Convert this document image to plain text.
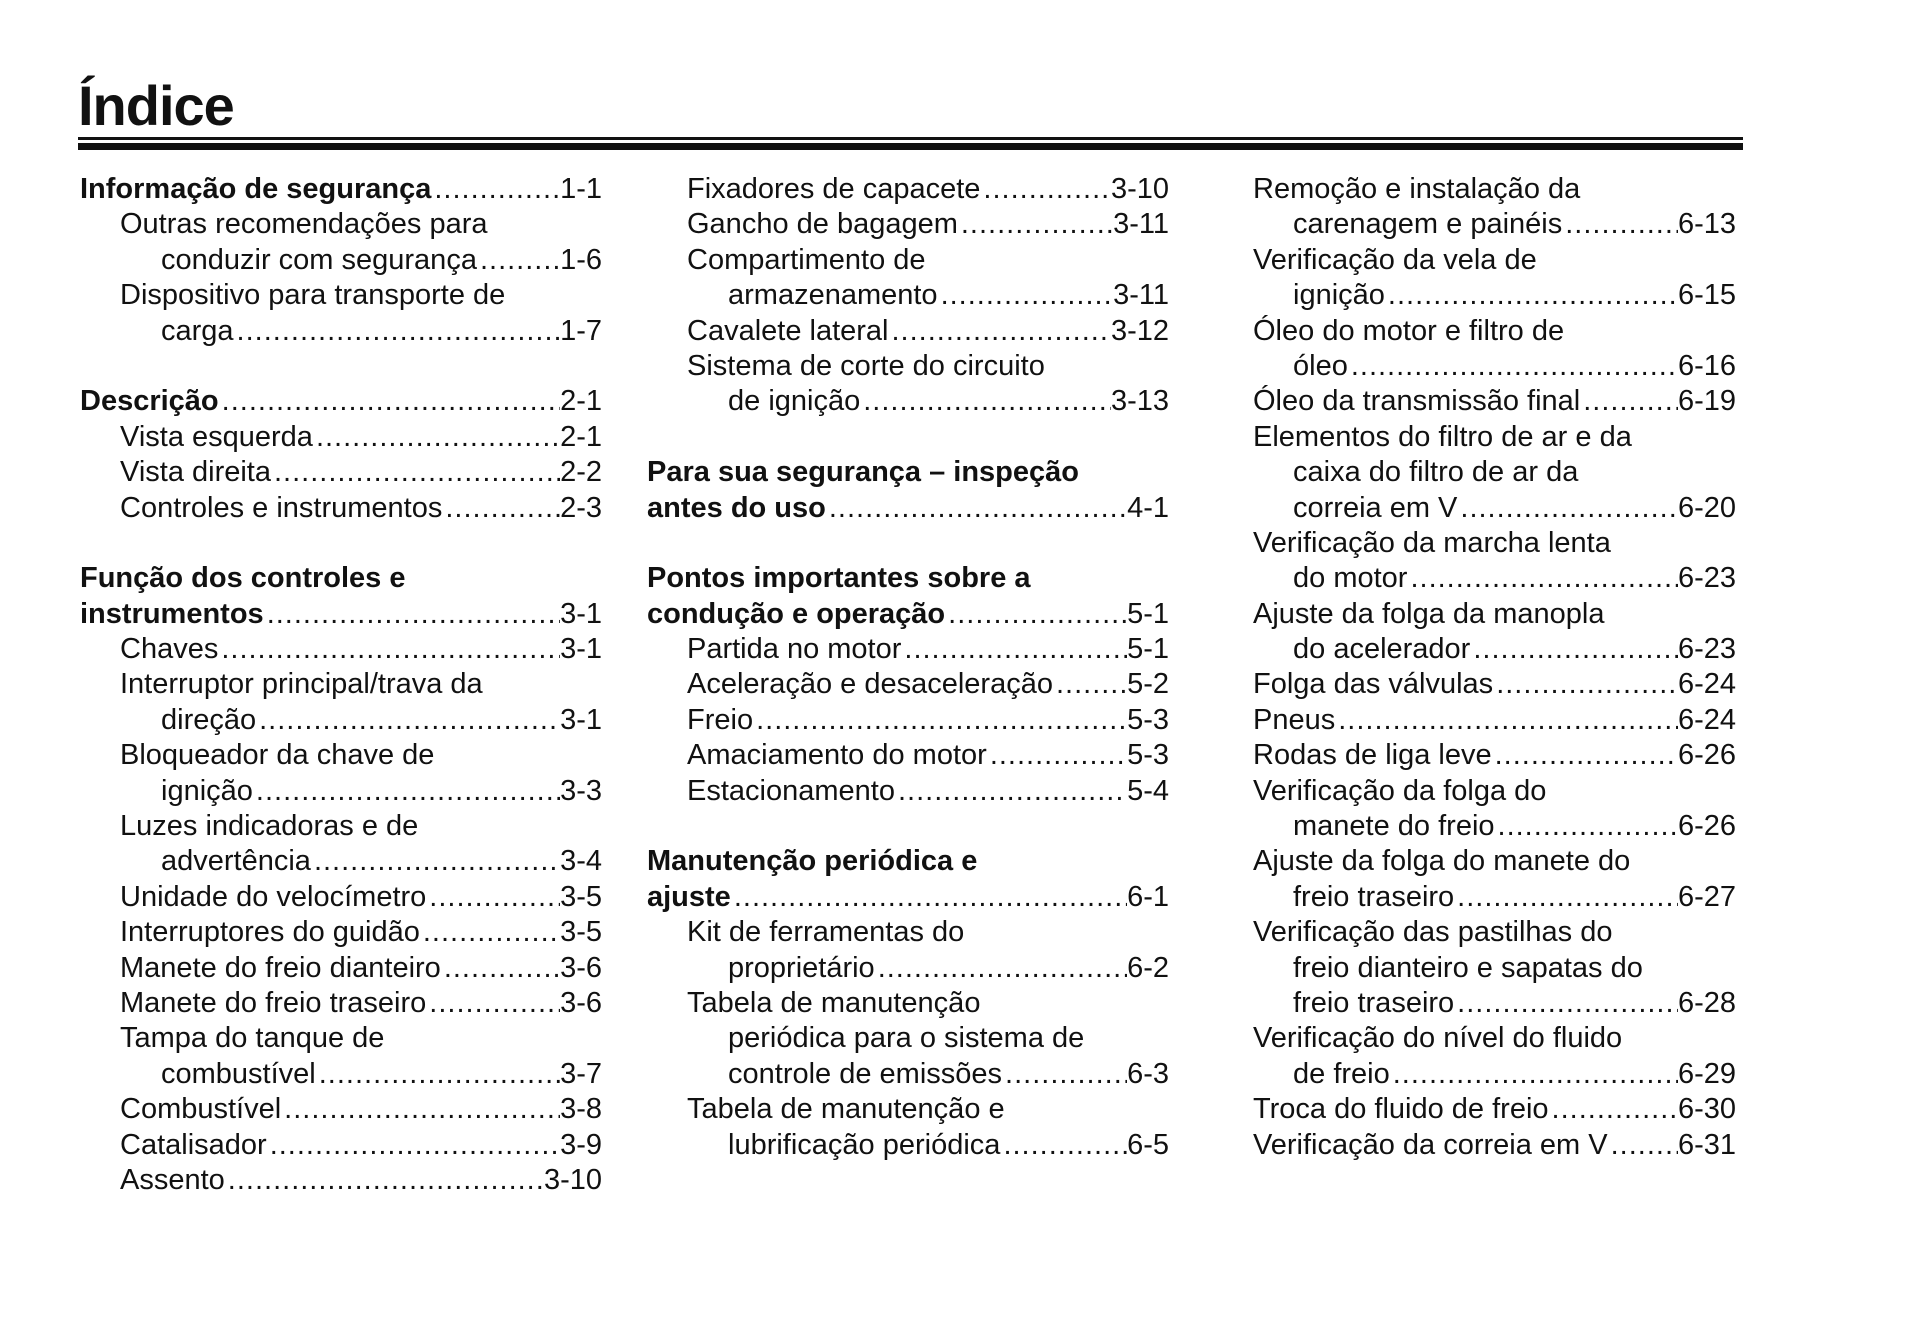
Índice
Informação de segurança .....	1-1
Outras recomendações para
conduzir com segurança .....	1-6
Dispositivo para transporte de
carga .....	1-7
Descrição .....	2-1
Vista esquerda .....	2-1
Vista direita .....	2-2
Controles e instrumentos .....	2-3
Função dos controles e
instrumentos .....	3-1
Chaves .....	3-1
Interruptor principal/trava da
direção .....	3-1
Bloqueador da chave de
ignição .....	3-3
Luzes indicadoras e de
advertência .....	3-4
Unidade do velocímetro .....	3-5
Interruptores do guidão .....	3-5
Manete do freio dianteiro .....	3-6
Manete do freio traseiro .....	3-6
Tampa do tanque de
combustível .....	3-7
Combustível .....	3-8
Catalisador .....	3-9
Assento .....	3-10
Fixadores de capacete .....	3-10
Gancho de bagagem .....	3-11
Compartimento de
armazenamento .....	3-11
Cavalete lateral .....	3-12
Sistema de corte do circuito
de ignição .....	3-13
Para sua segurança – inspeção
antes do uso .....	4-1
Pontos importantes sobre a
condução e operação .....	5-1
Partida no motor .....	5-1
Aceleração e desaceleração .....	5-2
Freio .....	5-3
Amaciamento do motor .....	5-3
Estacionamento .....	5-4
Manutenção periódica e
ajuste .....	6-1
Kit de ferramentas do
proprietário .....	6-2
Tabela de manutenção
periódica para o sistema de
controle de emissões .....	6-3
Tabela de manutenção e
lubrificação periódica .....	6-5
Remoção e instalação da
carenagem e painéis .....	6-13
Verificação da vela de
ignição .....	6-15
Óleo do motor e filtro de
óleo .....	6-16
Óleo da transmissão final .....	6-19
Elementos do filtro de ar e da
caixa do filtro de ar da
correia em V .....	6-20
Verificação da marcha lenta
do motor .....	6-23
Ajuste da folga da manopla
do acelerador .....	6-23
Folga das válvulas .....	6-24
Pneus .....	6-24
Rodas de liga leve .....	6-26
Verificação da folga do
manete do freio .....	6-26
Ajuste da folga do manete do
freio traseiro .....	6-27
Verificação das pastilhas do
freio dianteiro e sapatas do
freio traseiro .....	6-28
Verificação do nível do fluido
de freio .....	6-29
Troca do fluido de freio .....	6-30
Verificação da correia em V ..... 6-31
